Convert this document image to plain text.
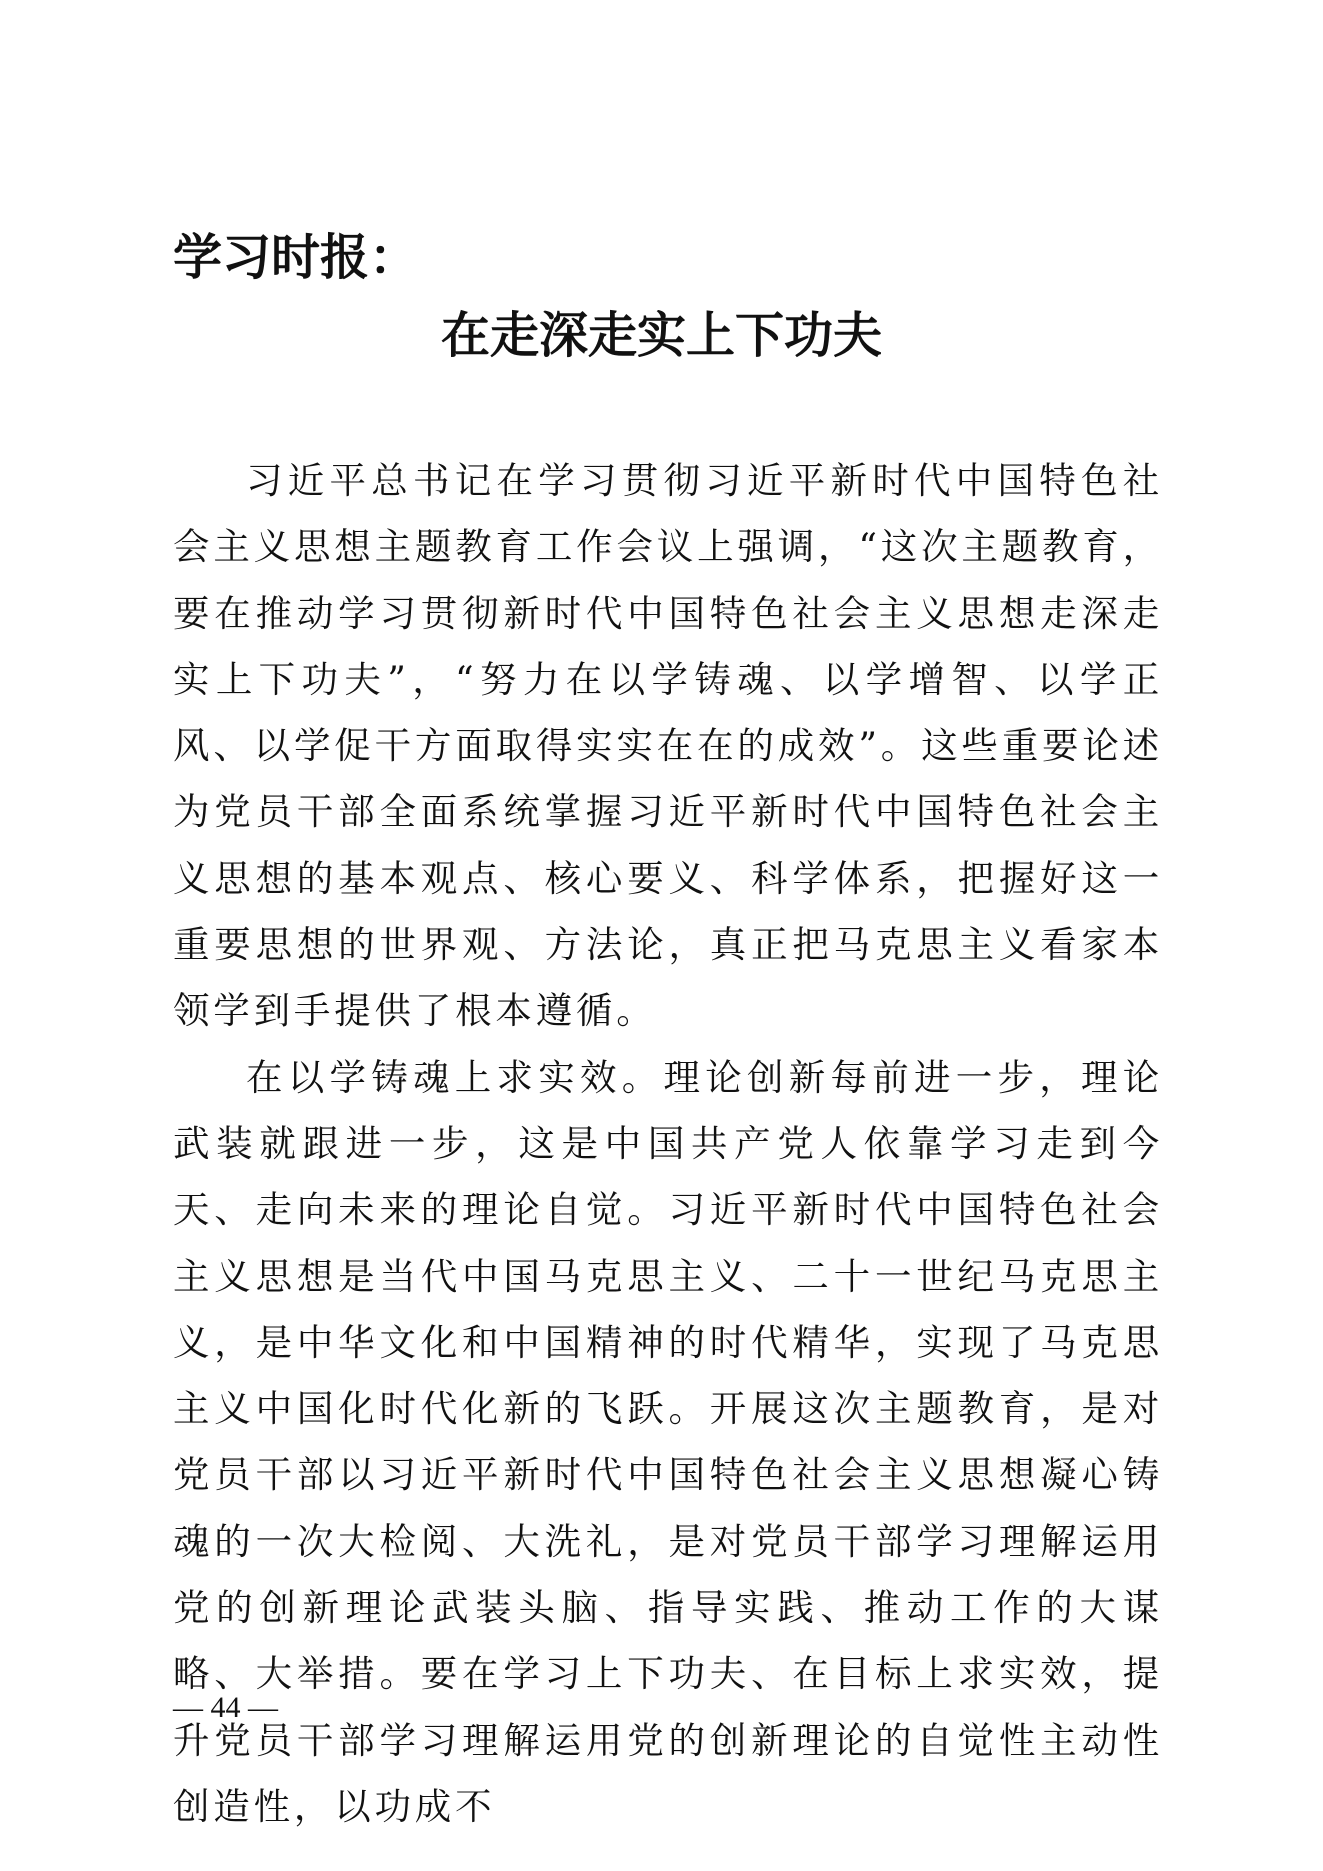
学习时报：
在走深走实上下功夫

习近平总书记在学习贯彻习近平新时代中国特色社会主义思想主题教育工作会议上强调，“这次主题教育，要在推动学习贯彻新时代中国特色社会主义思想走深走实上下功夫”，“努力在以学铸魂、以学增智、以学正风、以学促干方面取得实实在在的成效”。这些重要论述为党员干部全面系统掌握习近平新时代中国特色社会主义思想的基本观点、核心要义、科学体系，把握好这一重要思想的世界观、方法论，真正把马克思主义看家本领学到手提供了根本遵循。

在以学铸魂上求实效。理论创新每前进一步，理论武装就跟进一步，这是中国共产党人依靠学习走到今天、走向未来的理论自觉。习近平新时代中国特色社会主义思想是当代中国马克思主义、二十一世纪马克思主义，是中华文化和中国精神的时代精华，实现了马克思主义中国化时代化新的飞跃。开展这次主题教育，是对党员干部以习近平新时代中国特色社会主义思想凝心铸魂的一次大检阅、大洗礼，是对党员干部学习理解运用党的创新理论武装头脑、指导实践、推动工作的大谋略、大举措。要在学习上下功夫、在目标上求实效，提升党员干部学习理解运用党的创新理论的自觉性主动性创造性，以功成不

— 44 —
